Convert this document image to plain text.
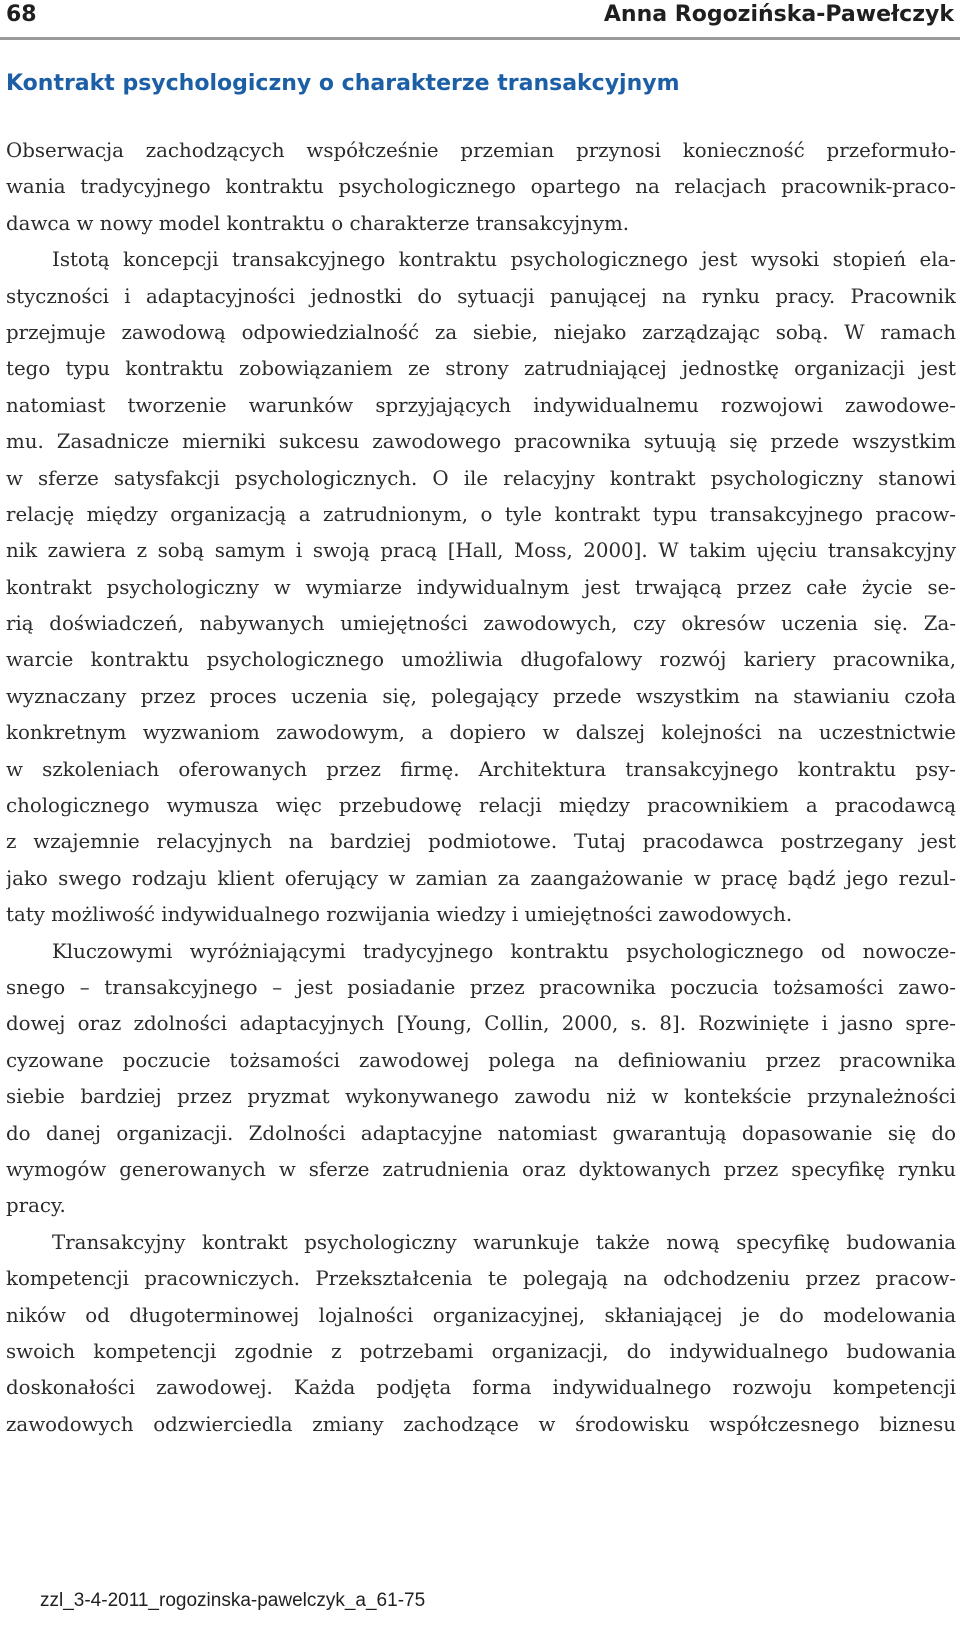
68	Anna Rogozińska-Pawełczyk
Kontrakt psychologiczny o charakterze transakcyjnym
Obserwacja zachodzących współcześnie przemian przynosi konieczność przeformuło-
wania tradycyjnego kontraktu psychologicznego opartego na relacjach pracownik-praco-
dawca w nowy model kontraktu o charakterze transakcyjnym.
Istotą koncepcji transakcyjnego kontraktu psychologicznego jest wysoki stopień ela-
styczności i adaptacyjności jednostki do sytuacji panującej na rynku pracy. Pracownik
przejmuje zawodową odpowiedzialność za siebie, niejako zarządzając sobą. W ramach
tego typu kontraktu zobowiązaniem ze strony zatrudniającej jednostkę organizacji jest
natomiast tworzenie warunków sprzyjających indywidualnemu rozwojowi zawodowe-
mu. Zasadnicze mierniki sukcesu zawodowego pracownika sytuują się przede wszystkim
w sferze satysfakcji psychologicznych. O ile relacyjny kontrakt psychologiczny stanowi
relację między organizacją a zatrudnionym, o tyle kontrakt typu transakcyjnego pracow-
nik zawiera z sobą samym i swoją pracą [Hall, Moss, 2000]. W takim ujęciu transakcyjny
kontrakt psychologiczny w wymiarze indywidualnym jest trwającą przez całe życie se-
rią doświadczeń, nabywanych umiejętności zawodowych, czy okresów uczenia się. Za-
warcie kontraktu psychologicznego umożliwia długofalowy rozwój kariery pracownika,
wyznaczany przez proces uczenia się, polegający przede wszystkim na stawianiu czoła
konkretnym wyzwaniom zawodowym, a dopiero w dalszej kolejności na uczestnictwie
w szkoleniach oferowanych przez firmę. Architektura transakcyjnego kontraktu psy-
chologicznego wymusza więc przebudowę relacji między pracownikiem a pracodawcą
z wzajemnie relacyjnych na bardziej podmiotowe. Tutaj pracodawca postrzegany jest
jako swego rodzaju klient oferujący w zamian za zaangażowanie w pracę bądź jego rezul-
taty możliwość indywidualnego rozwijania wiedzy i umiejętności zawodowych.
Kluczowymi wyróżniającymi tradycyjnego kontraktu psychologicznego od nowocze-
snego – transakcyjnego – jest posiadanie przez pracownika poczucia tożsamości zawo-
dowej oraz zdolności adaptacyjnych [Young, Collin, 2000, s. 8]. Rozwinięte i jasno spre-
cyzowane poczucie tożsamości zawodowej polega na definiowaniu przez pracownika
siebie bardziej przez pryzmat wykonywanego zawodu niż w kontekście przynależności
do danej organizacji. Zdolności adaptacyjne natomiast gwarantują dopasowanie się do
wymogów generowanych w sferze zatrudnienia oraz dyktowanych przez specyfikę rynku
pracy.
Transakcyjny kontrakt psychologiczny warunkuje także nową specyfikę budowania
kompetencji pracowniczych. Przekształcenia te polegają na odchodzeniu przez pracow-
ników od długoterminowej lojalności organizacyjnej, skłaniającej je do modelowania
swoich kompetencji zgodnie z potrzebami organizacji, do indywidualnego budowania
doskonałości zawodowej. Każda podjęta forma indywidualnego rozwoju kompetencji
zawodowych odzwierciedla zmiany zachodzące w środowisku współczesnego biznesu
zzl_3-4-2011_rogozinska-pawelczyk_a_61-75
